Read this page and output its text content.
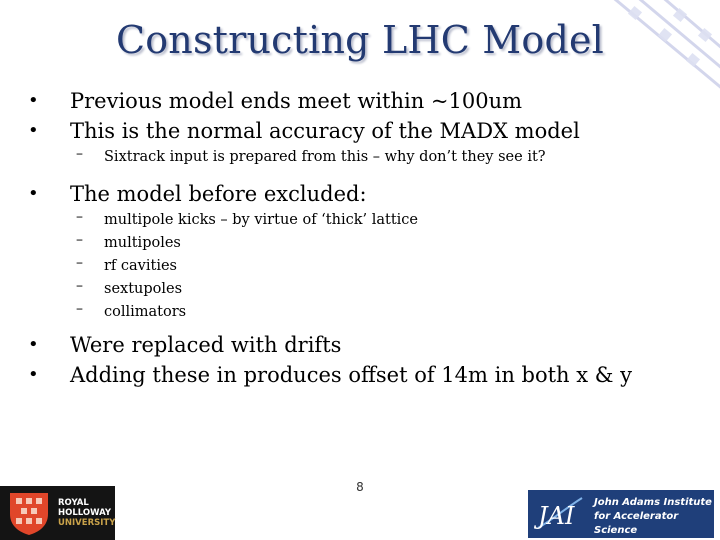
Constructing LHC Model
• Previous model ends meet within ~100um
• This is the normal accuracy of the MADX model
– Sixtrack input is prepared from this – why don’t they see it?
• The model before excluded:
– multipole kicks – by virtue of ‘thick’ lattice
– multipoles
– rf cavities
– sextupoles
– collimators
• Were replaced with drifts
• Adding these in produces offset of 14m in both x & y
ROYAL
HOLLOWAY
UNIVERSITY
8
JAI John Adams Institute
for Accelerator Science
